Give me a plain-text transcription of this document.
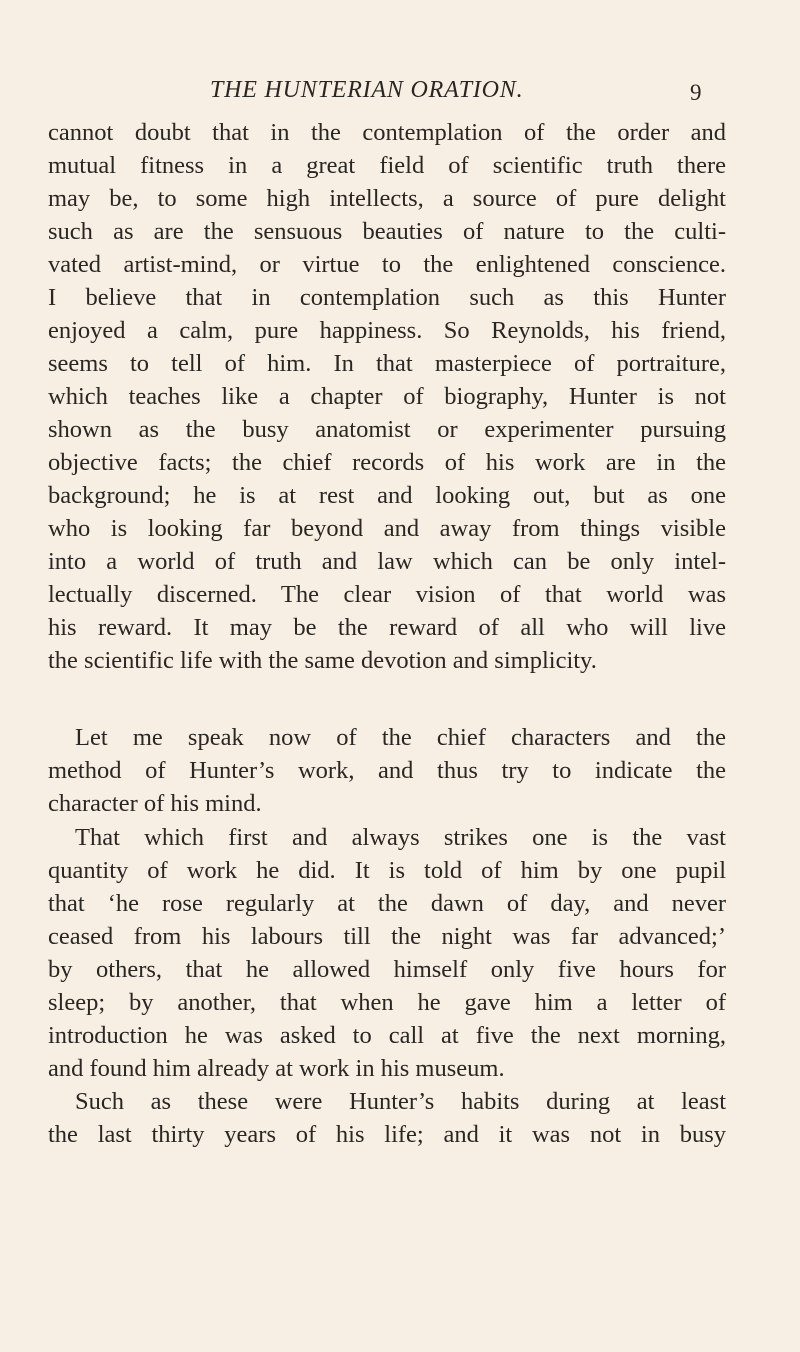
THE HUNTERIAN ORATION.	9
cannot doubt that in the contemplation of the order and
mutual fitness in a great field of scientific truth there
may be, to some high intellects, a source of pure delight
such as are the sensuous beauties of nature to the culti-
vated artist-mind, or virtue to the enlightened conscience.
I believe that in contemplation such as this Hunter
enjoyed a calm, pure happiness. So Reynolds, his friend,
seems to tell of him. In that masterpiece of portraiture,
which teaches like a chapter of biography, Hunter is not
shown as the busy anatomist or experimenter pursuing
objective facts; the chief records of his work are in the
background; he is at rest and looking out, but as one
who is looking far beyond and away from things visible
into a world of truth and law which can be only intel-
lectually discerned. The clear vision of that world was
his reward. It may be the reward of all who will live
the scientific life with the same devotion and simplicity.
Let me speak now of the chief characters and the
method of Hunter’s work, and thus try to indicate the
character of his mind.
That which first and always strikes one is the vast
quantity of work he did. It is told of him by one pupil
that ‘he rose regularly at the dawn of day, and never
ceased from his labours till the night was far advanced;’
by others, that he allowed himself only five hours for
sleep; by another, that when he gave him a letter of
introduction he was asked to call at five the next morning,
and found him already at work in his museum.
Such as these were Hunter’s habits during at least
the last thirty years of his life; and it was not in busy
